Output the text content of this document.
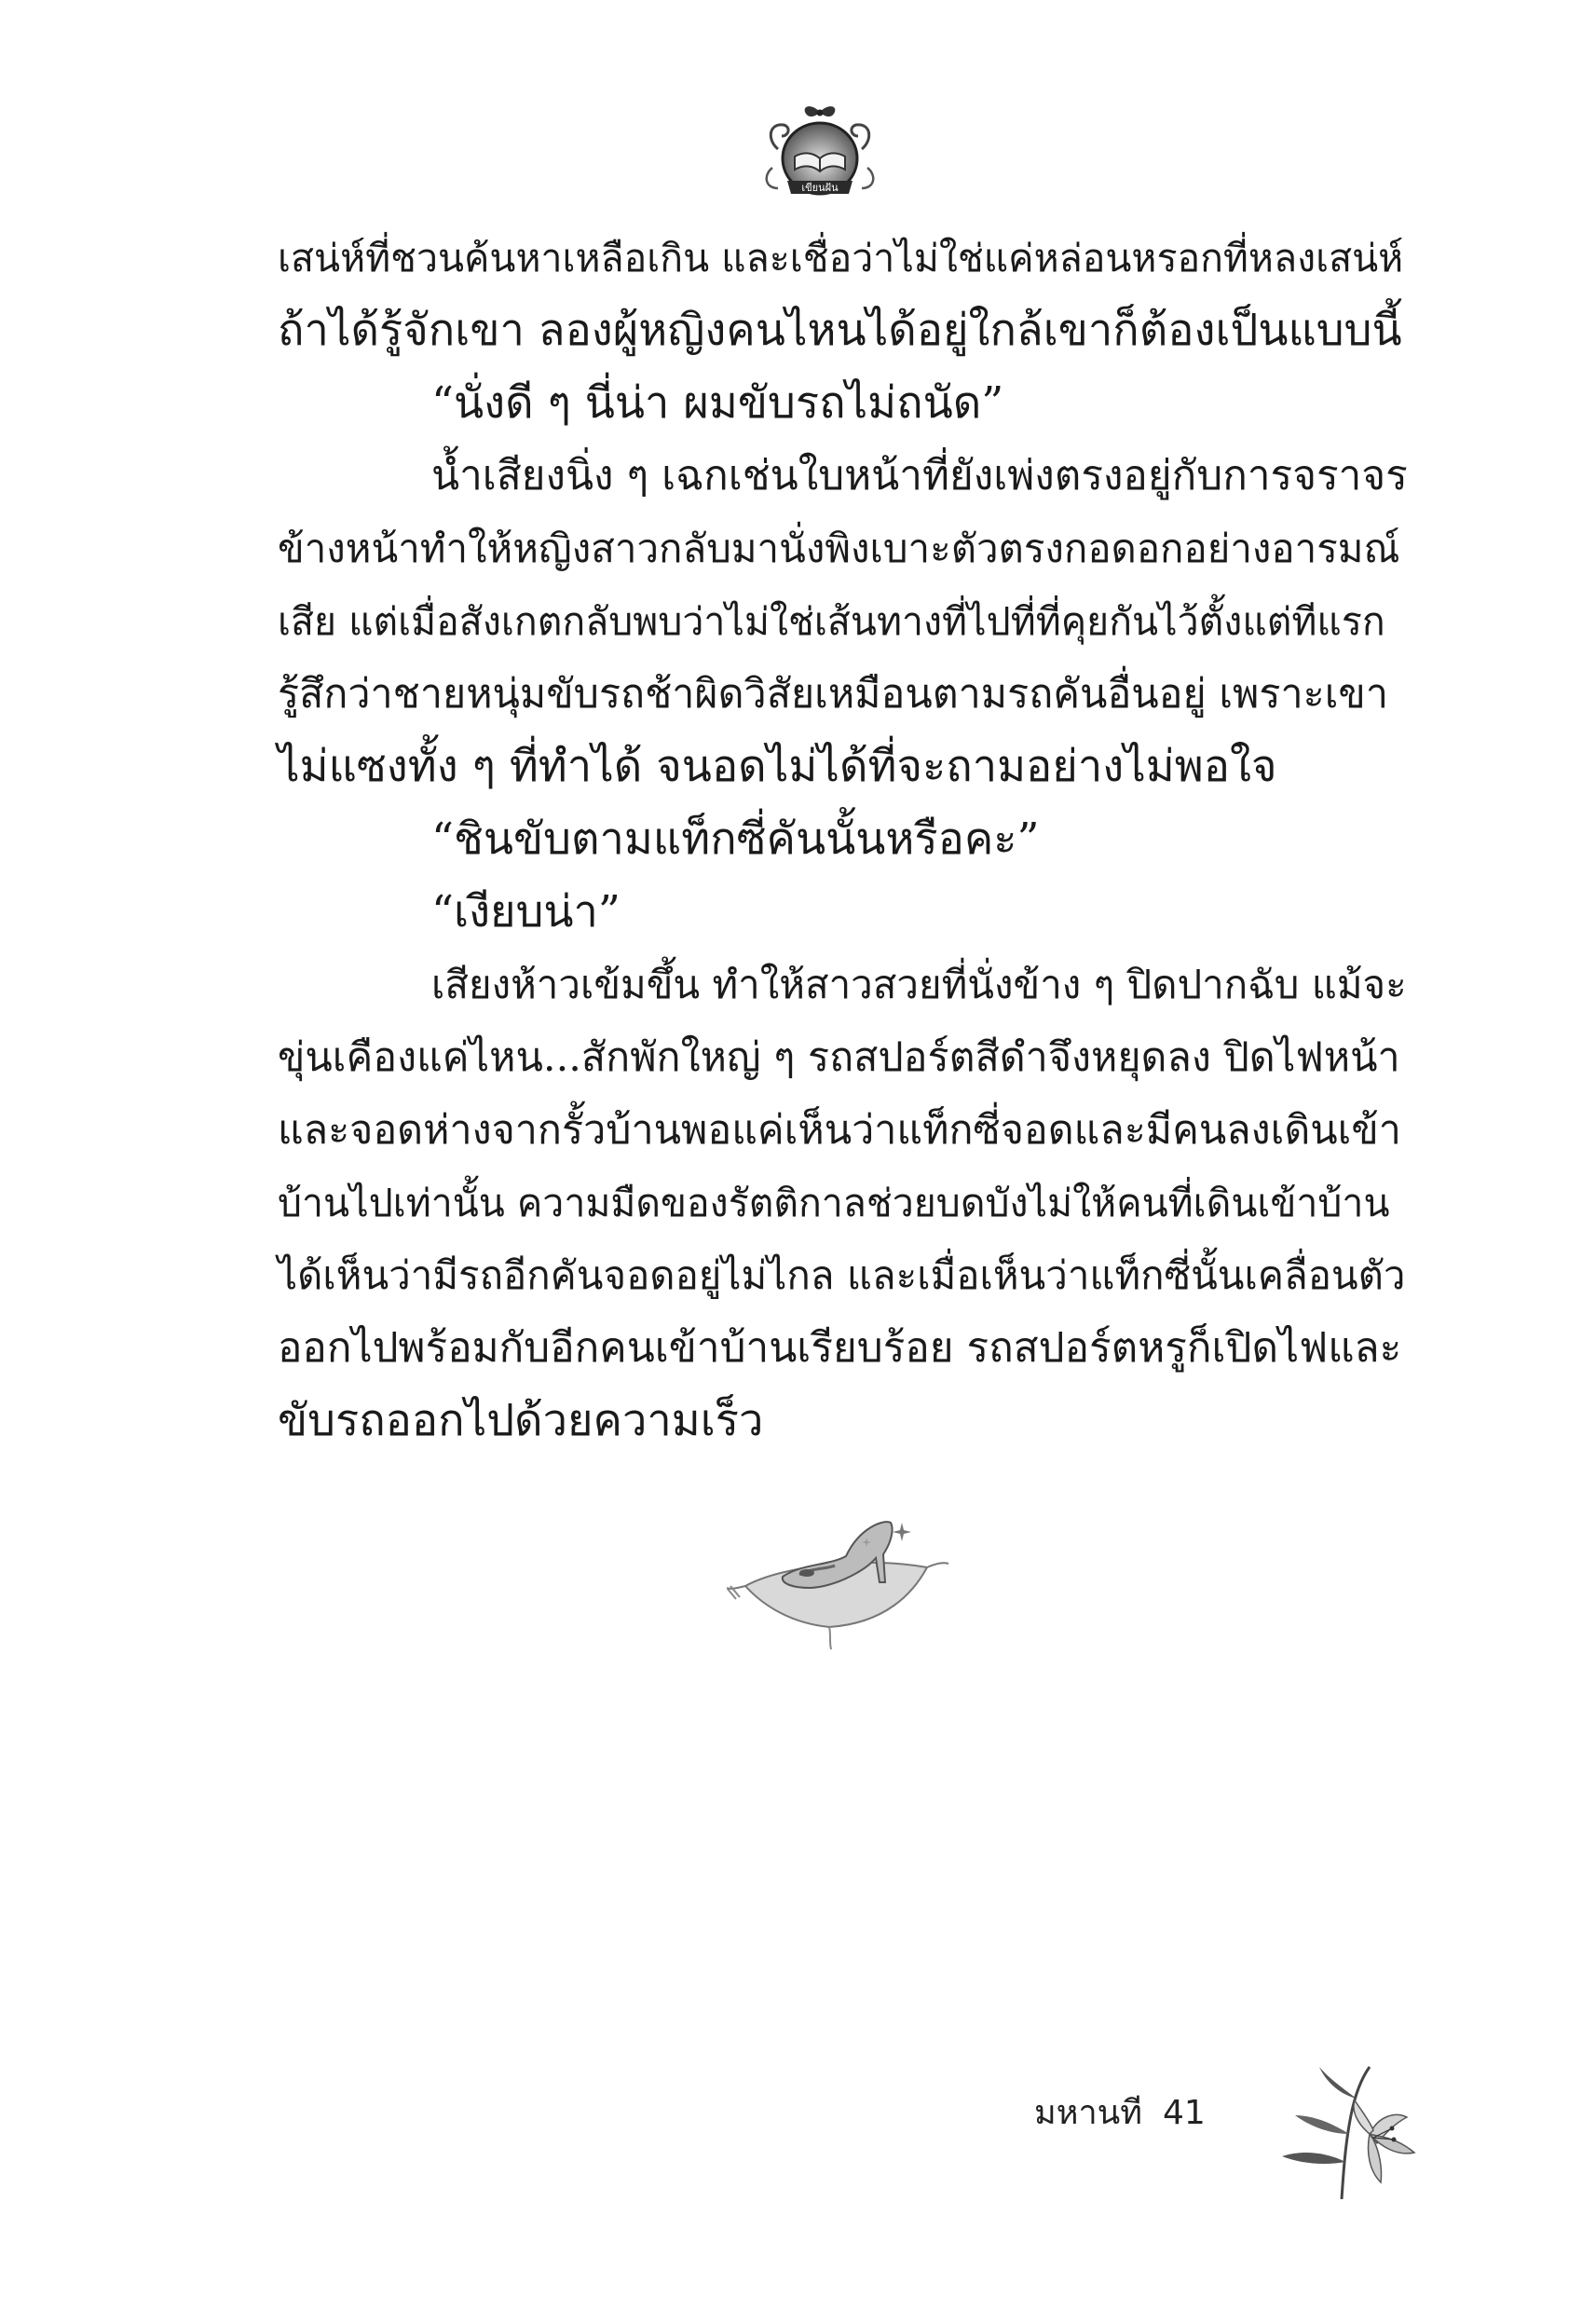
เขียนฝัน
เสน่ห์ที่ชวนค้นหาเหลือเกิน และเชื่อว่าไม่ใช่แค่หล่อนหรอกที่หลงเสน่ห์
ถ้าได้รู้จักเขา ลองผู้หญิงคนไหนได้อยู่ใกล้เขาก็ต้องเป็นแบบนี้
“นั่งดี ๆ นี่น่า ผมขับรถไม่ถนัด”
น้ำเสียงนิ่ง ๆ เฉกเช่นใบหน้าที่ยังเพ่งตรงอยู่กับการจราจร
ข้างหน้าทำให้หญิงสาวกลับมานั่งพิงเบาะตัวตรงกอดอกอย่างอารมณ์
เสีย แต่เมื่อสังเกตกลับพบว่าไม่ใช่เส้นทางที่ไปที่ที่คุยกันไว้ตั้งแต่ทีแรก
รู้สึกว่าชายหนุ่มขับรถช้าผิดวิสัยเหมือนตามรถคันอื่นอยู่ เพราะเขา
ไม่แซงทั้ง ๆ ที่ทำได้ จนอดไม่ได้ที่จะถามอย่างไม่พอใจ
“ชินขับตามแท็กซี่คันนั้นหรือคะ”
“เงียบน่า”
เสียงห้าวเข้มขึ้น ทำให้สาวสวยที่นั่งข้าง ๆ ปิดปากฉับ แม้จะ
ขุ่นเคืองแค่ไหน...สักพักใหญ่ ๆ รถสปอร์ตสีดำจึงหยุดลง ปิดไฟหน้า
และจอดห่างจากรั้วบ้านพอแค่เห็นว่าแท็กซี่จอดและมีคนลงเดินเข้า
บ้านไปเท่านั้น ความมืดของรัตติกาลช่วยบดบังไม่ให้คนที่เดินเข้าบ้าน
ได้เห็นว่ามีรถอีกคันจอดอยู่ไม่ไกล และเมื่อเห็นว่าแท็กซี่นั้นเคลื่อนตัว
ออกไปพร้อมกับอีกคนเข้าบ้านเรียบร้อย รถสปอร์ตหรูก็เปิดไฟและ
ขับรถออกไปด้วยความเร็ว
มหานที 41
